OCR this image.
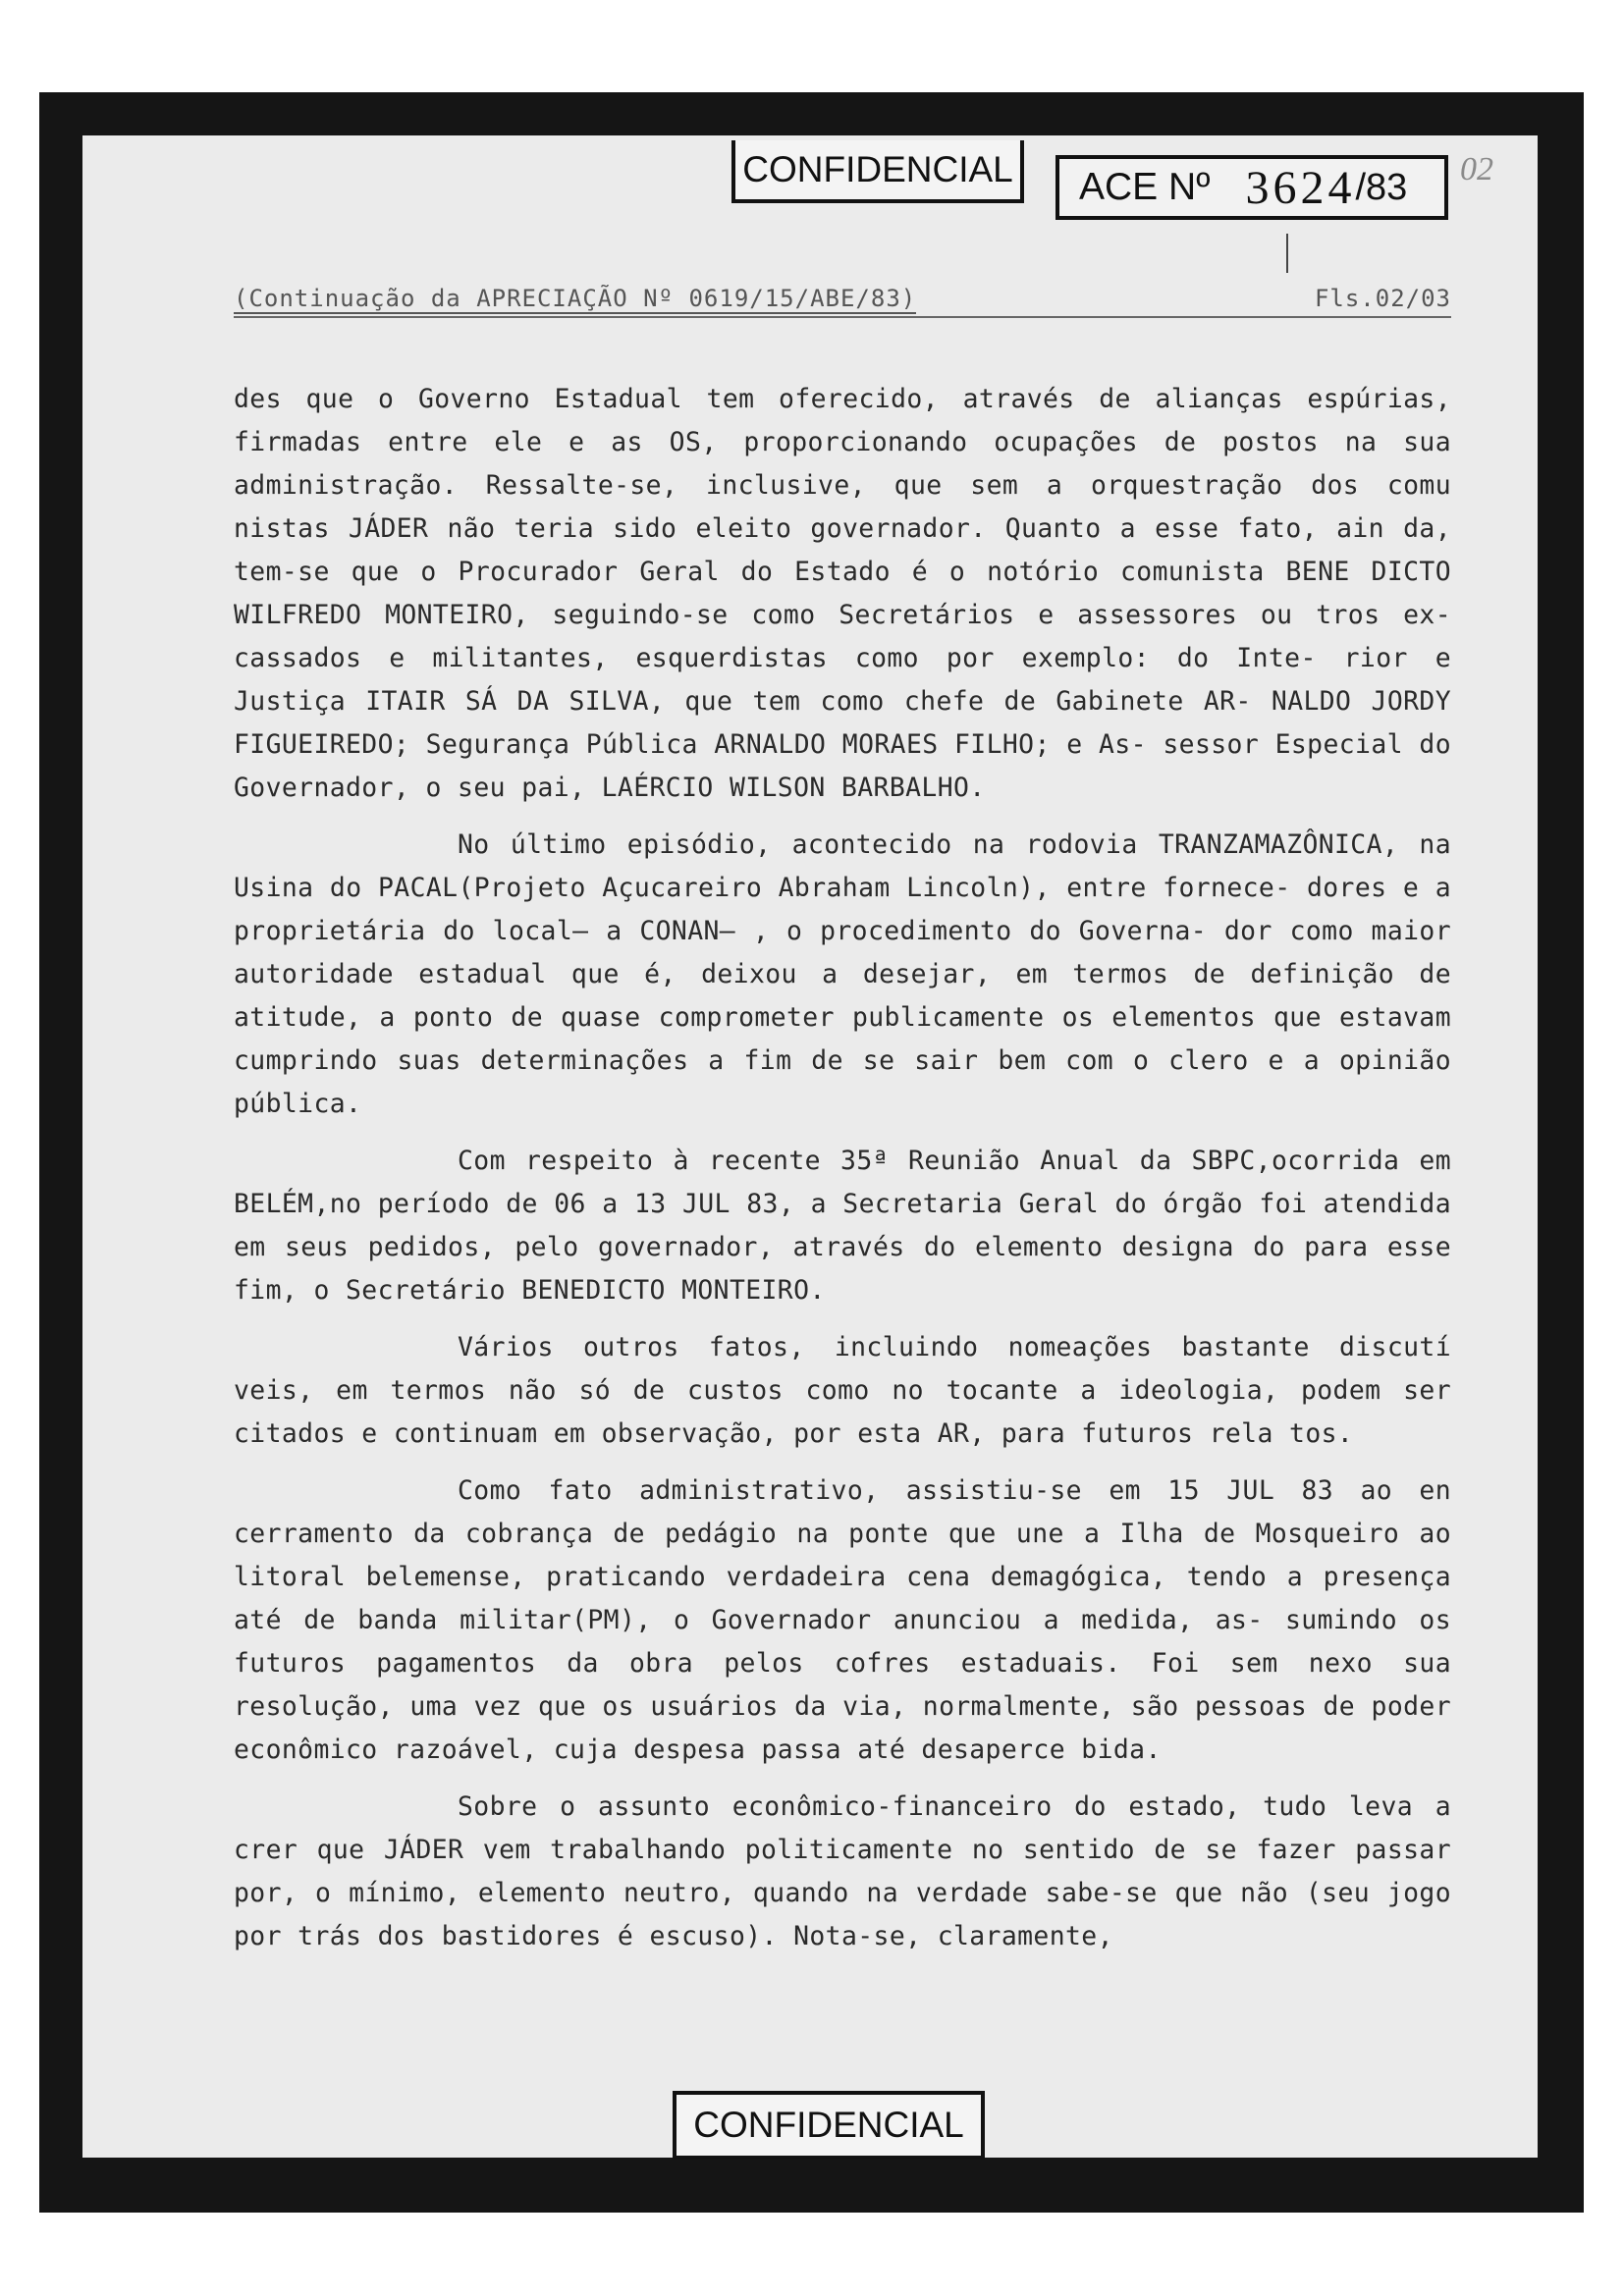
CONFIDENCIAL ACE Nº 3624 /83 02
(Continuação da APRECIAÇÃO Nº 0619/15/ABE/83)	Fls.02/03

des que o Governo Estadual tem oferecido, através de alianças espúrias, firmadas entre ele e as OS, proporcionando ocupações de postos na sua administração. Ressalte-se, inclusive, que sem a orquestração dos comu nistas JÁDER não teria sido eleito governador. Quanto a esse fato, ain da, tem-se que o Procurador Geral do Estado é o notório comunista BENE DICTO WILFREDO MONTEIRO, seguindo-se como Secretários e assessores ou tros ex-cassados e militantes, esquerdistas como por exemplo: do Inte- rior e Justiça ITAIR SÁ DA SILVA, que tem como chefe de Gabinete AR- NALDO JORDY FIGUEIREDO; Segurança Pública ARNALDO MORAES FILHO; e As- sessor Especial do Governador, o seu pai, LAÉRCIO WILSON BARBALHO.

No último episódio, acontecido na rodovia TRANZAMAZÔNICA, na Usina do PACAL(Projeto Açucareiro Abraham Lincoln), entre fornece- dores e a proprietária do local— a CONAN— , o procedimento do Governa- dor como maior autoridade estadual que é, deixou a desejar, em termos de definição de atitude, a ponto de quase comprometer publicamente os elementos que estavam cumprindo suas determinações a fim de se sair bem com o clero e a opinião pública.

Com respeito à recente 35ª Reunião Anual da SBPC,ocorrida em BELÉM,no período de 06 a 13 JUL 83, a Secretaria Geral do órgão foi atendida em seus pedidos, pelo governador, através do elemento designa do para esse fim, o Secretário BENEDICTO MONTEIRO.

Vários outros fatos, incluindo nomeações bastante discutí veis, em termos não só de custos como no tocante a ideologia, podem ser citados e continuam em observação, por esta AR, para futuros rela tos.

Como fato administrativo, assistiu-se em 15 JUL 83 ao en cerramento da cobrança de pedágio na ponte que une a Ilha de Mosqueiro ao litoral belemense, praticando verdadeira cena demagógica, tendo a presença até de banda militar(PM), o Governador anunciou a medida, as- sumindo os futuros pagamentos da obra pelos cofres estaduais. Foi sem nexo sua resolução, uma vez que os usuários da via, normalmente, são pessoas de poder econômico razoável, cuja despesa passa até desaperce bida.

Sobre o assunto econômico-financeiro do estado, tudo leva a crer que JÁDER vem trabalhando politicamente no sentido de se fazer passar por, o mínimo, elemento neutro, quando na verdade sabe-se que não (seu jogo por trás dos bastidores é escuso). Nota-se, claramente,

CONFIDENCIAL
